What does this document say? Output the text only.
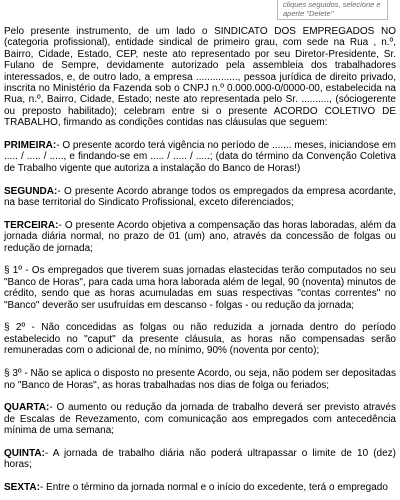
cliques seguidos, selecione e
aperte "Delete"

Pelo presente instrumento, de um lado o SINDICATO DOS EMPREGADOS NO (categoria profissional), entidade sindical de primeiro grau, com sede na Rua , n.º, Bairro, Cidade, Estado, CEP, neste ato representado por seu Diretor-Presidente, Sr. Fulano de Sempre, devidamente autorizado pela assembleia dos trabalhadores interessados, e, de outro lado, a empresa ..............., pessoa jurídica de direito privado, inscrita no Ministério da Fazenda sob o CNPJ n.º 0.000.000-0/0000-00, estabelecida na Rua, n.º, Bairro, Cidade, Estado; neste ato representada pelo Sr. .........., (sóciogerente ou preposto habilitado); celebram entre si o presente ACORDO COLETIVO DE TRABALHO, firmando as condições contidas nas cláusulas que seguem:

PRIMEIRA:- O presente acordo terá vigência no período de ....... meses, iniciandose em ..... / ..... / ....., e findando-se em ..... / ..... / .....; (data do término da Convenção Coletiva de Trabalho vigente que autoriza a instalação do Banco de Horas!)

SEGUNDA:- O presente Acordo abrange todos os empregados da empresa acordante, na base territorial do Sindicato Profissional, exceto diferenciados;

TERCEIRA:- O presente Acordo objetiva a compensação das horas laboradas, além da jornada diária normal, no prazo de 01 (um) ano, através da concessão de folgas ou redução de jornada;

§ 1º - Os empregados que tiverem suas jornadas elastecidas terão computados no seu "Banco de Horas", para cada uma hora laborada além de legal, 90 (noventa) minutos de crédito, sendo que as horas acumuladas em suas respectivas "contas correntes" no "Banco" deverão ser usufruídas em descanso - folgas - ou redução da jornada;

§ 2º - Não concedidas as folgas ou não reduzida a jornada dentro do período estabelecido no "caput" da presente cláusula, as horas não compensadas serão remuneradas com o adicional de, no mínimo, 90% (noventa por cento);

§ 3º - Não se aplica o disposto no presente Acordo, ou seja, não podem ser depositadas no "Banco de Horas", as horas trabalhadas nos dias de folga ou feriados;

QUARTA:- O aumento ou redução da jornada de trabalho deverá ser previsto através de Escalas de Revezamento, com comunicação aos empregados com antecedência mínima de uma semana;

QUINTA:- A jornada de trabalho diária não poderá ultrapassar o limite de 10 (dez) horas;

SEXTA:- Entre o término da jornada normal e o início do excedente, terá o empregado
